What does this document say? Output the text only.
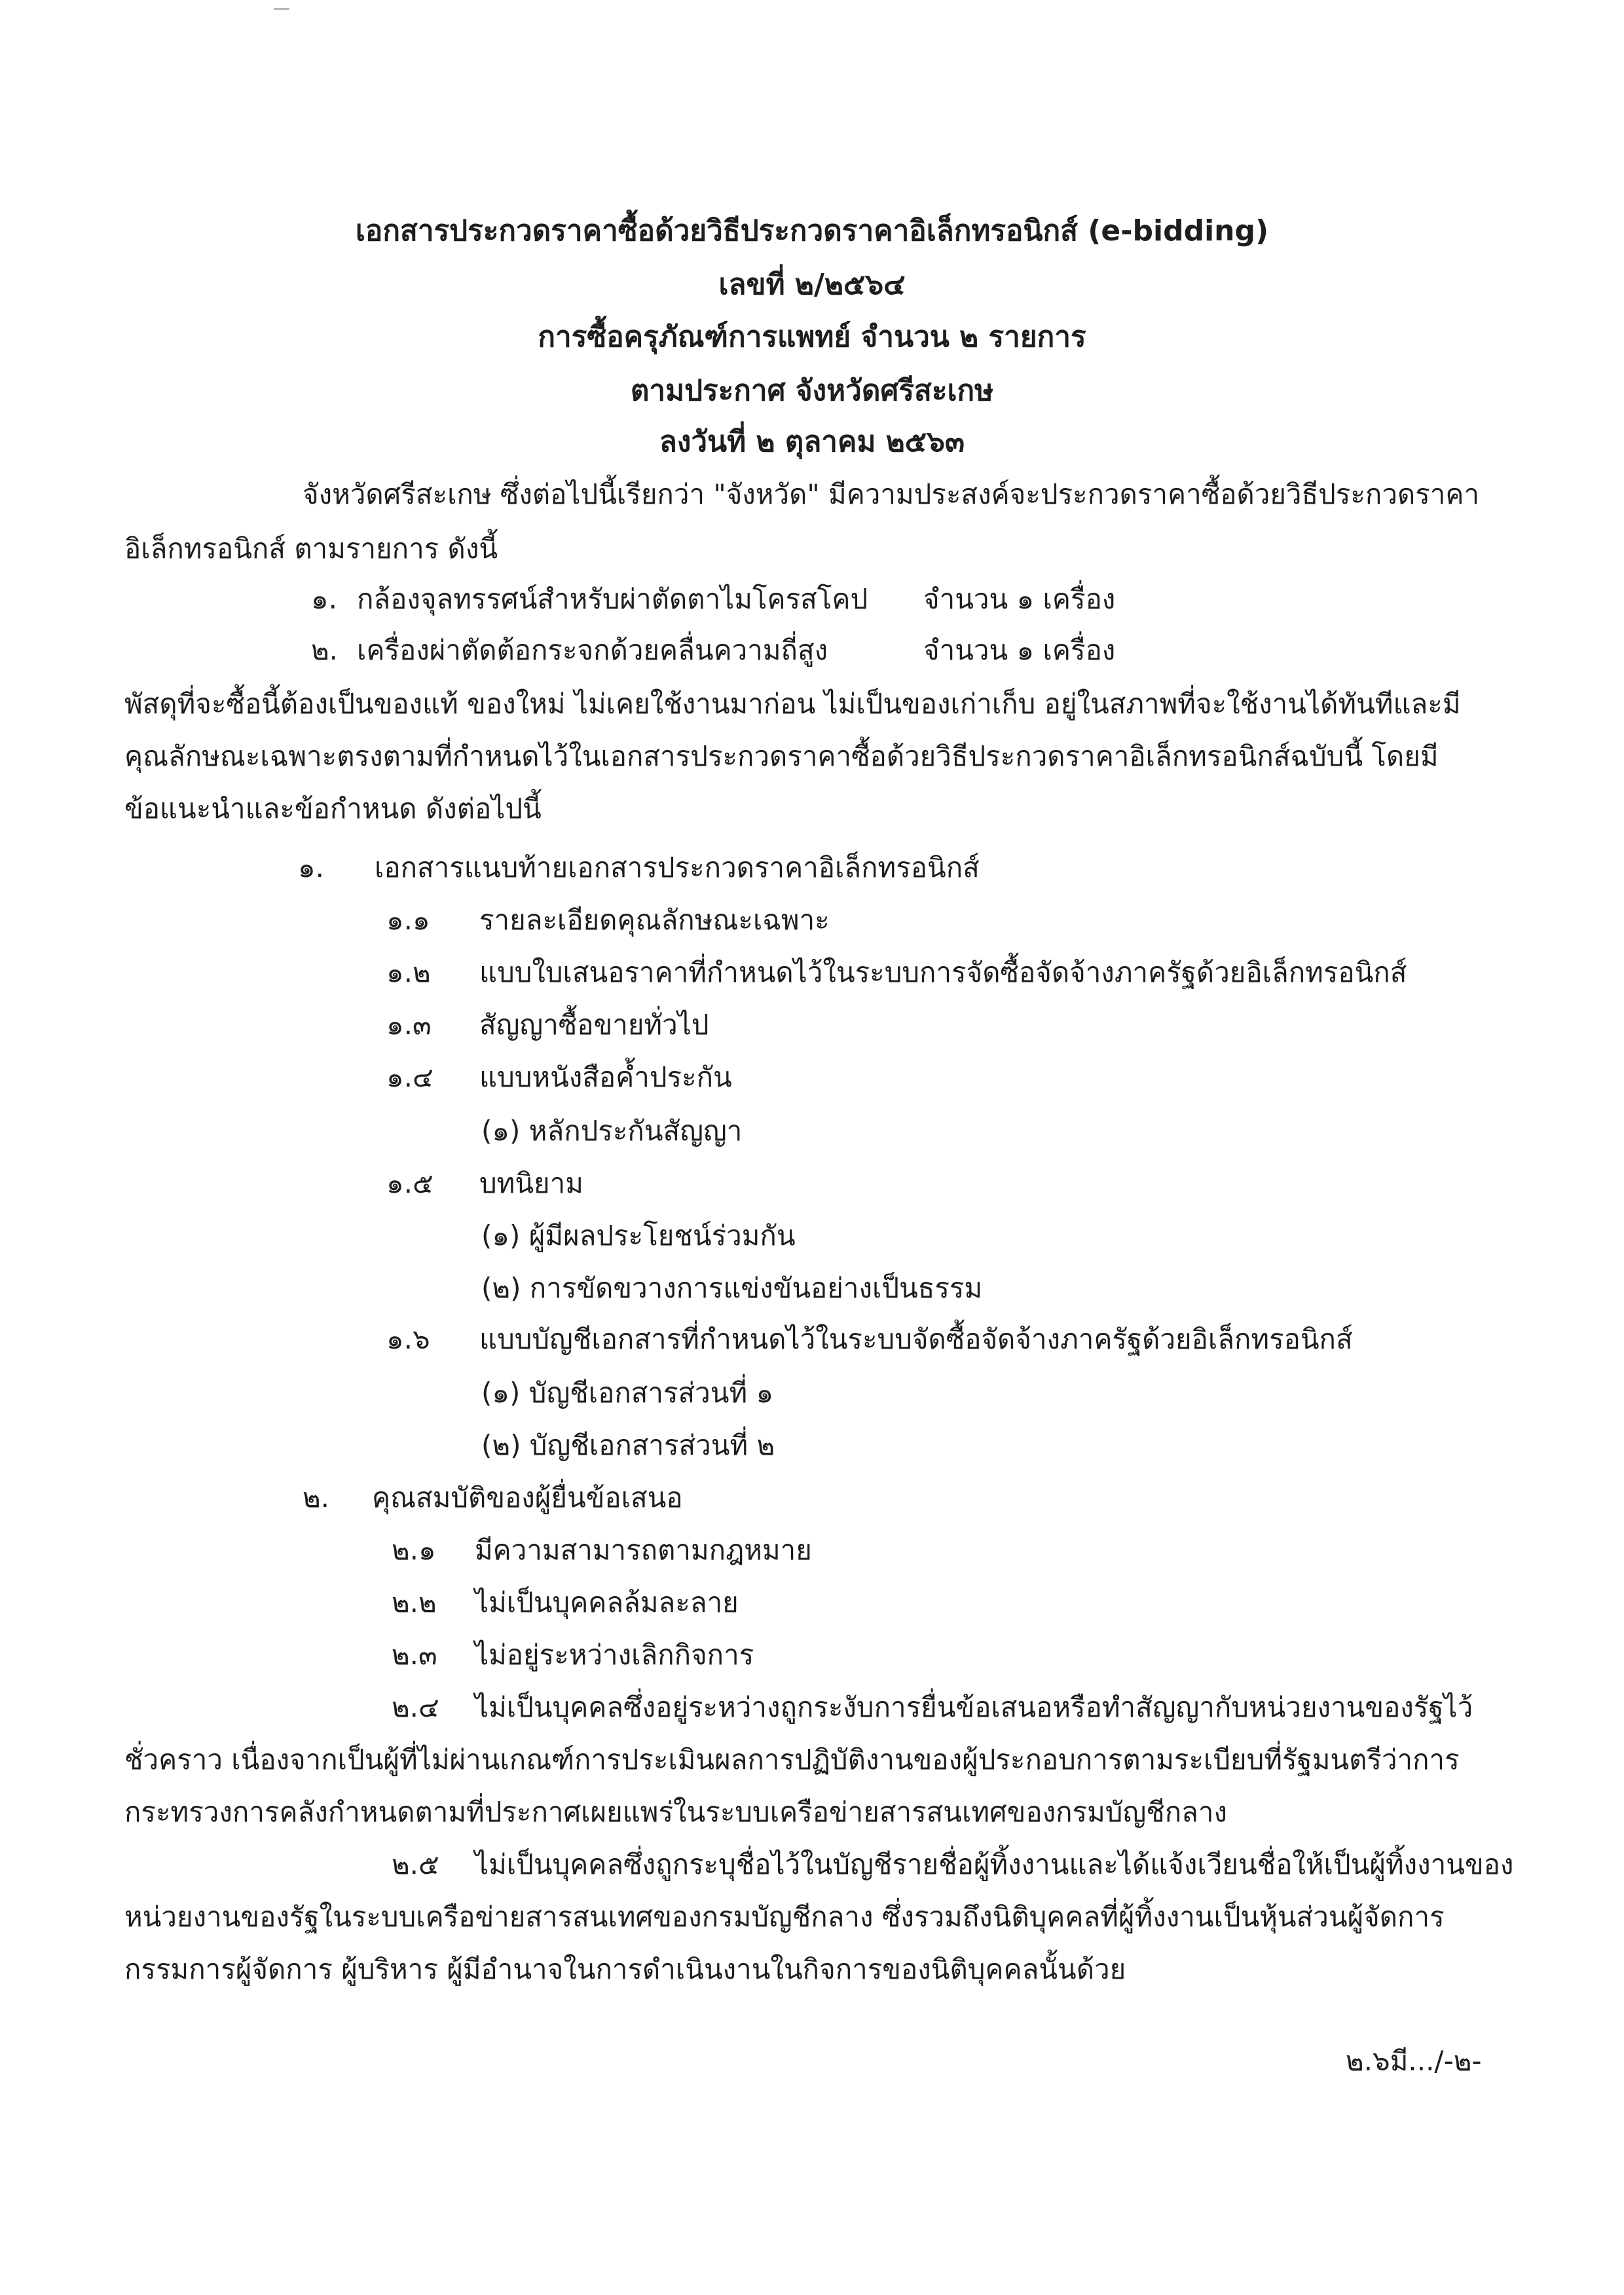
เอกสารประกวดราคาซื้อด้วยวิธีประกวดราคาอิเล็กทรอนิกส์ (e-bidding)
เลขที่ ๒/๒๕๖๔
การซื้อครุภัณฑ์การแพทย์ จำนวน ๒ รายการ
ตามประกาศ จังหวัดศรีสะเกษ
ลงวันที่ ๒ ตุลาคม ๒๕๖๓
จังหวัดศรีสะเกษ ซึ่งต่อไปนี้เรียกว่า "จังหวัด" มีความประสงค์จะประกวดราคาซื้อด้วยวิธีประกวดราคา
อิเล็กทรอนิกส์ ตามรายการ ดังนี้
๑. กล้องจุลทรรศน์สำหรับผ่าตัดตาไมโครสโคป จำนวน ๑ เครื่อง
๒. เครื่องผ่าตัดต้อกระจกด้วยคลื่นความถี่สูง	จำนวน ๑ เครื่อง
พัสดุที่จะซื้อนี้ต้องเป็นของแท้ ของใหม่ ไม่เคยใช้งานมาก่อน ไม่เป็นของเก่าเก็บ อยู่ในสภาพที่จะใช้งานได้ทันทีและมี
คุณลักษณะเฉพาะตรงตามที่กำหนดไว้ในเอกสารประกวดราคาซื้อด้วยวิธีประกวดราคาอิเล็กทรอนิกส์ฉบับนี้ โดยมี
ข้อแนะนำและข้อกำหนด ดังต่อไปนี้
๑. เอกสารแนบท้ายเอกสารประกวดราคาอิเล็กทรอนิกส์
๑.๑ รายละเอียดคุณลักษณะเฉพาะ
๑.๒ แบบใบเสนอราคาที่กำหนดไว้ในระบบการจัดซื้อจัดจ้างภาครัฐด้วยอิเล็กทรอนิกส์
๑.๓ สัญญาซื้อขายทั่วไป
๑.๔ แบบหนังสือค้ำประกัน
(๑) หลักประกันสัญญา
๑.๕ บทนิยาม
(๑) ผู้มีผลประโยชน์ร่วมกัน
(๒) การขัดขวางการแข่งขันอย่างเป็นธรรม
๑.๖ แบบบัญชีเอกสารที่กำหนดไว้ในระบบจัดซื้อจัดจ้างภาครัฐด้วยอิเล็กทรอนิกส์
(๑) บัญชีเอกสารส่วนที่ ๑
(๒) บัญชีเอกสารส่วนที่ ๒
๒. คุณสมบัติของผู้ยื่นข้อเสนอ
๒.๑ มีความสามารถตามกฎหมาย
๒.๒ ไม่เป็นบุคคลล้มละลาย
๒.๓ ไม่อยู่ระหว่างเลิกกิจการ
๒.๔ ไม่เป็นบุคคลซึ่งอยู่ระหว่างถูกระงับการยื่นข้อเสนอหรือทำสัญญากับหน่วยงานของรัฐไว้
ชั่วคราว เนื่องจากเป็นผู้ที่ไม่ผ่านเกณฑ์การประเมินผลการปฏิบัติงานของผู้ประกอบการตามระเบียบที่รัฐมนตรีว่าการ
กระทรวงการคลังกำหนดตามที่ประกาศเผยแพร่ในระบบเครือข่ายสารสนเทศของกรมบัญชีกลาง
๒.๕ ไม่เป็นบุคคลซึ่งถูกระบุชื่อไว้ในบัญชีรายชื่อผู้ทิ้งงานและได้แจ้งเวียนชื่อให้เป็นผู้ทิ้งงานของ
หน่วยงานของรัฐในระบบเครือข่ายสารสนเทศของกรมบัญชีกลาง ซึ่งรวมถึงนิติบุคคลที่ผู้ทิ้งงานเป็นหุ้นส่วนผู้จัดการ
กรรมการผู้จัดการ ผู้บริหาร ผู้มีอำนาจในการดำเนินงานในกิจการของนิติบุคคลนั้นด้วย
๒.๖มี.../-๒-
